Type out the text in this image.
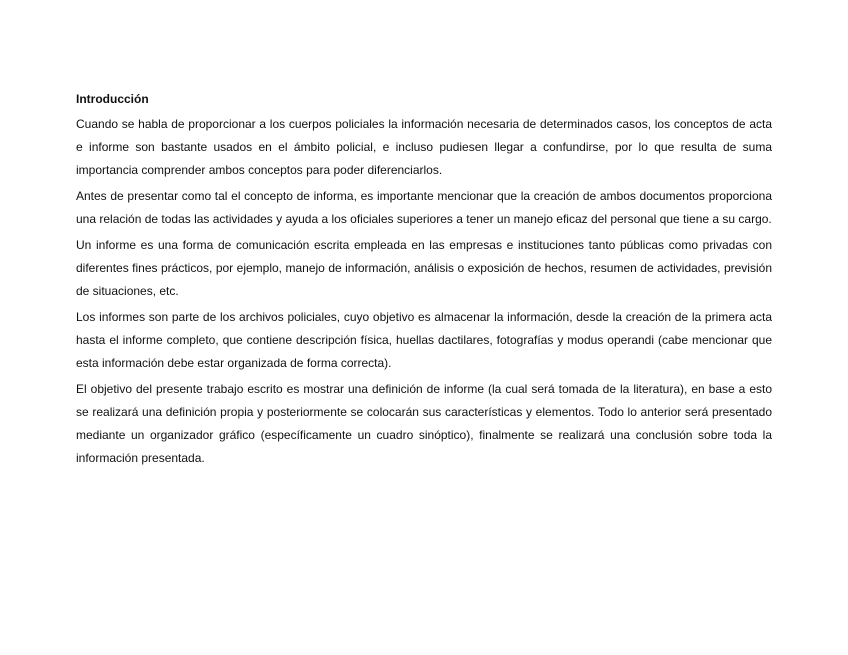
Introducción

Cuando se habla de proporcionar a los cuerpos policiales la información necesaria de determinados casos, los conceptos de acta e informe son bastante usados en el ámbito policial, e incluso pudiesen llegar a confundirse, por lo que resulta de suma importancia comprender ambos conceptos para poder diferenciarlos.

Antes de presentar como tal el concepto de informa, es importante mencionar que la creación de ambos documentos proporciona una relación de todas las actividades y ayuda a los oficiales superiores a tener un manejo eficaz del personal que tiene a su cargo.

Un informe es una forma de comunicación escrita empleada en las empresas e instituciones tanto públicas como privadas con diferentes fines prácticos, por ejemplo, manejo de información, análisis o exposición de hechos, resumen de actividades, previsión de situaciones, etc.

Los informes son parte de los archivos policiales, cuyo objetivo es almacenar la información, desde la creación de la primera acta hasta el informe completo, que contiene descripción física, huellas dactilares, fotografías y modus operandi (cabe mencionar que esta información debe estar organizada de forma correcta).

El objetivo del presente trabajo escrito es mostrar una definición de informe (la cual será tomada de la literatura), en base a esto se realizará una definición propia y posteriormente se colocarán sus características y elementos. Todo lo anterior será presentado mediante un organizador gráfico (específicamente un cuadro sinóptico), finalmente se realizará una conclusión sobre toda la información presentada.
